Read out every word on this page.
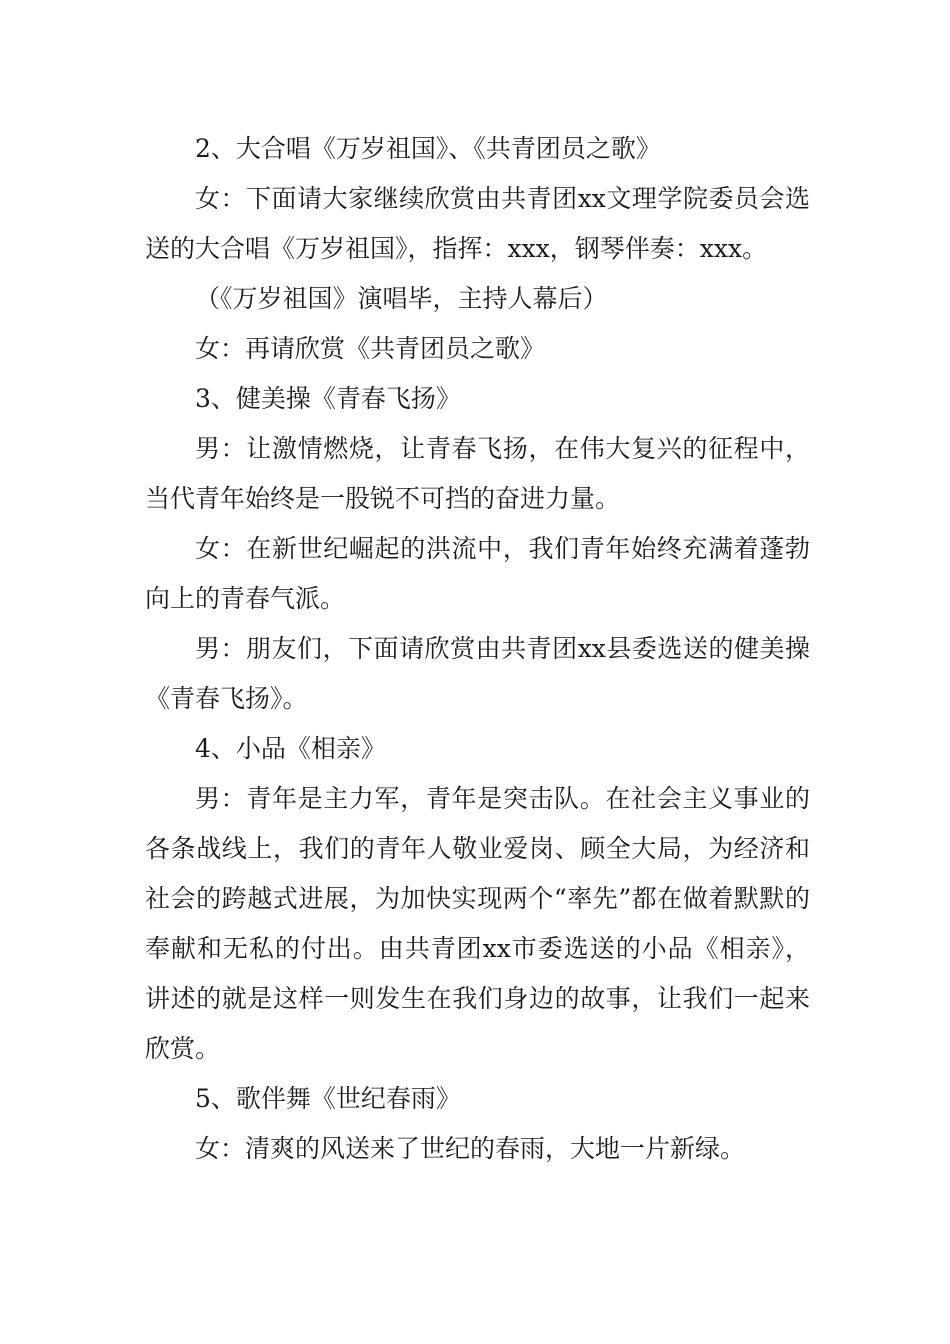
2、大合唱《万岁祖国》、《共青团员之歌》

女：下面请大家继续欣赏由共青团xx文理学院委员会选送的大合唱《万岁祖国》，指挥：xxx，钢琴伴奏：xxx。

（《万岁祖国》演唱毕，主持人幕后）

女：再请欣赏《共青团员之歌》

3、健美操《青春飞扬》

男：让激情燃烧，让青春飞扬，在伟大复兴的征程中，当代青年始终是一股锐不可挡的奋进力量。

女：在新世纪崛起的洪流中，我们青年始终充满着蓬勃向上的青春气派。

男：朋友们，下面请欣赏由共青团xx县委选送的健美操《青春飞扬》。

4、小品《相亲》

男：青年是主力军，青年是突击队。在社会主义事业的各条战线上，我们的青年人敬业爱岗、顾全大局，为经济和社会的跨越式进展，为加快实现两个“率先”都在做着默默的奉献和无私的付出。由共青团xx市委选送的小品《相亲》，讲述的就是这样一则发生在我们身边的故事，让我们一起来欣赏。

5、歌伴舞《世纪春雨》

女：清爽的风送来了世纪的春雨，大地一片新绿。
